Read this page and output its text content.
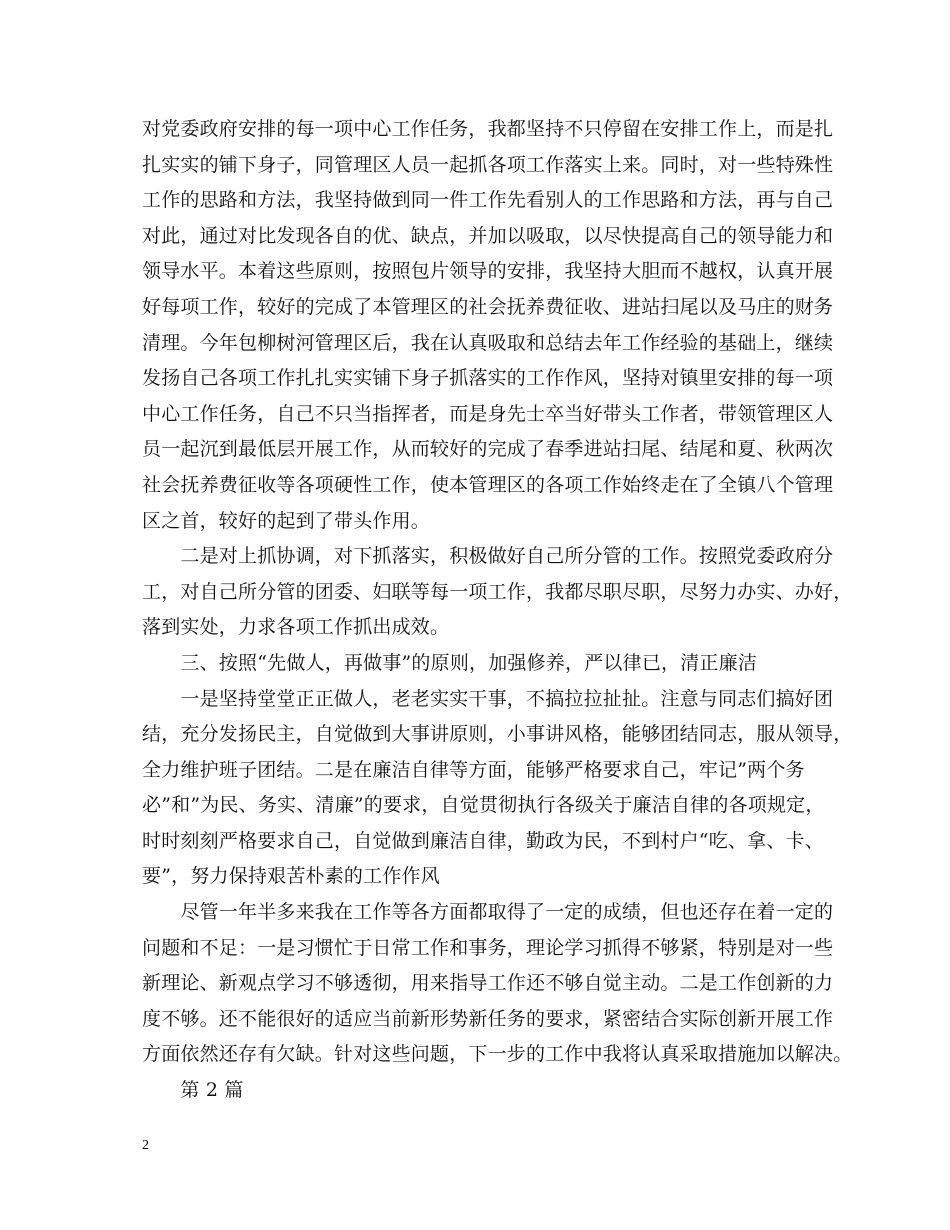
对党委政府安排的每一项中心工作任务，我都坚持不只停留在安排工作上，而是扎
扎实实的铺下身子，同管理区人员一起抓各项工作落实上来。同时，对一些特殊性
工作的思路和方法，我坚持做到同一件工作先看别人的工作思路和方法，再与自己
对此，通过对比发现各自的优、缺点，并加以吸取，以尽快提高自己的领导能力和
领导水平。本着这些原则，按照包片领导的安排，我坚持大胆而不越权，认真开展
好每项工作，较好的完成了本管理区的社会抚养费征收、进站扫尾以及马庄的财务
清理。今年包柳树河管理区后，我在认真吸取和总结去年工作经验的基础上，继续
发扬自己各项工作扎扎实实铺下身子抓落实的工作作风，坚持对镇里安排的每一项
中心工作任务，自己不只当指挥者，而是身先士卒当好带头工作者，带领管理区人
员一起沉到最低层开展工作，从而较好的完成了春季进站扫尾、结尾和夏、秋两次
社会抚养费征收等各项硬性工作，使本管理区的各项工作始终走在了全镇八个管理
区之首，较好的起到了带头作用。
　　二是对上抓协调，对下抓落实，积极做好自己所分管的工作。按照党委政府分
工，对自己所分管的团委、妇联等每一项工作，我都尽职尽职，尽努力办实、办好，
落到实处，力求各项工作抓出成效。
　　三、按照“先做人，再做事”的原则，加强修养，严以律已，清正廉洁
　　一是坚持堂堂正正做人，老老实实干事，不搞拉拉扯扯。注意与同志们搞好团
结，充分发扬民主，自觉做到大事讲原则，小事讲风格，能够团结同志，服从领导，
全力维护班子团结。二是在廉洁自律等方面，能够严格要求自己，牢记”两个务
必”和”为民、务实、清廉”的要求，自觉贯彻执行各级关于廉洁自律的各项规定，
时时刻刻严格要求自己，自觉做到廉洁自律，勤政为民，不到村户“吃、拿、卡、
要”，努力保持艰苦朴素的工作作风
　　尽管一年半多来我在工作等各方面都取得了一定的成绩，但也还存在着一定的
问题和不足：一是习惯忙于日常工作和事务，理论学习抓得不够紧，特别是对一些
新理论、新观点学习不够透彻，用来指导工作还不够自觉主动。二是工作创新的力
度不够。还不能很好的适应当前新形势新任务的要求，紧密结合实际创新开展工作
方面依然还存有欠缺。针对这些问题，下一步的工作中我将认真采取措施加以解决。
　　第 2 篇
2
